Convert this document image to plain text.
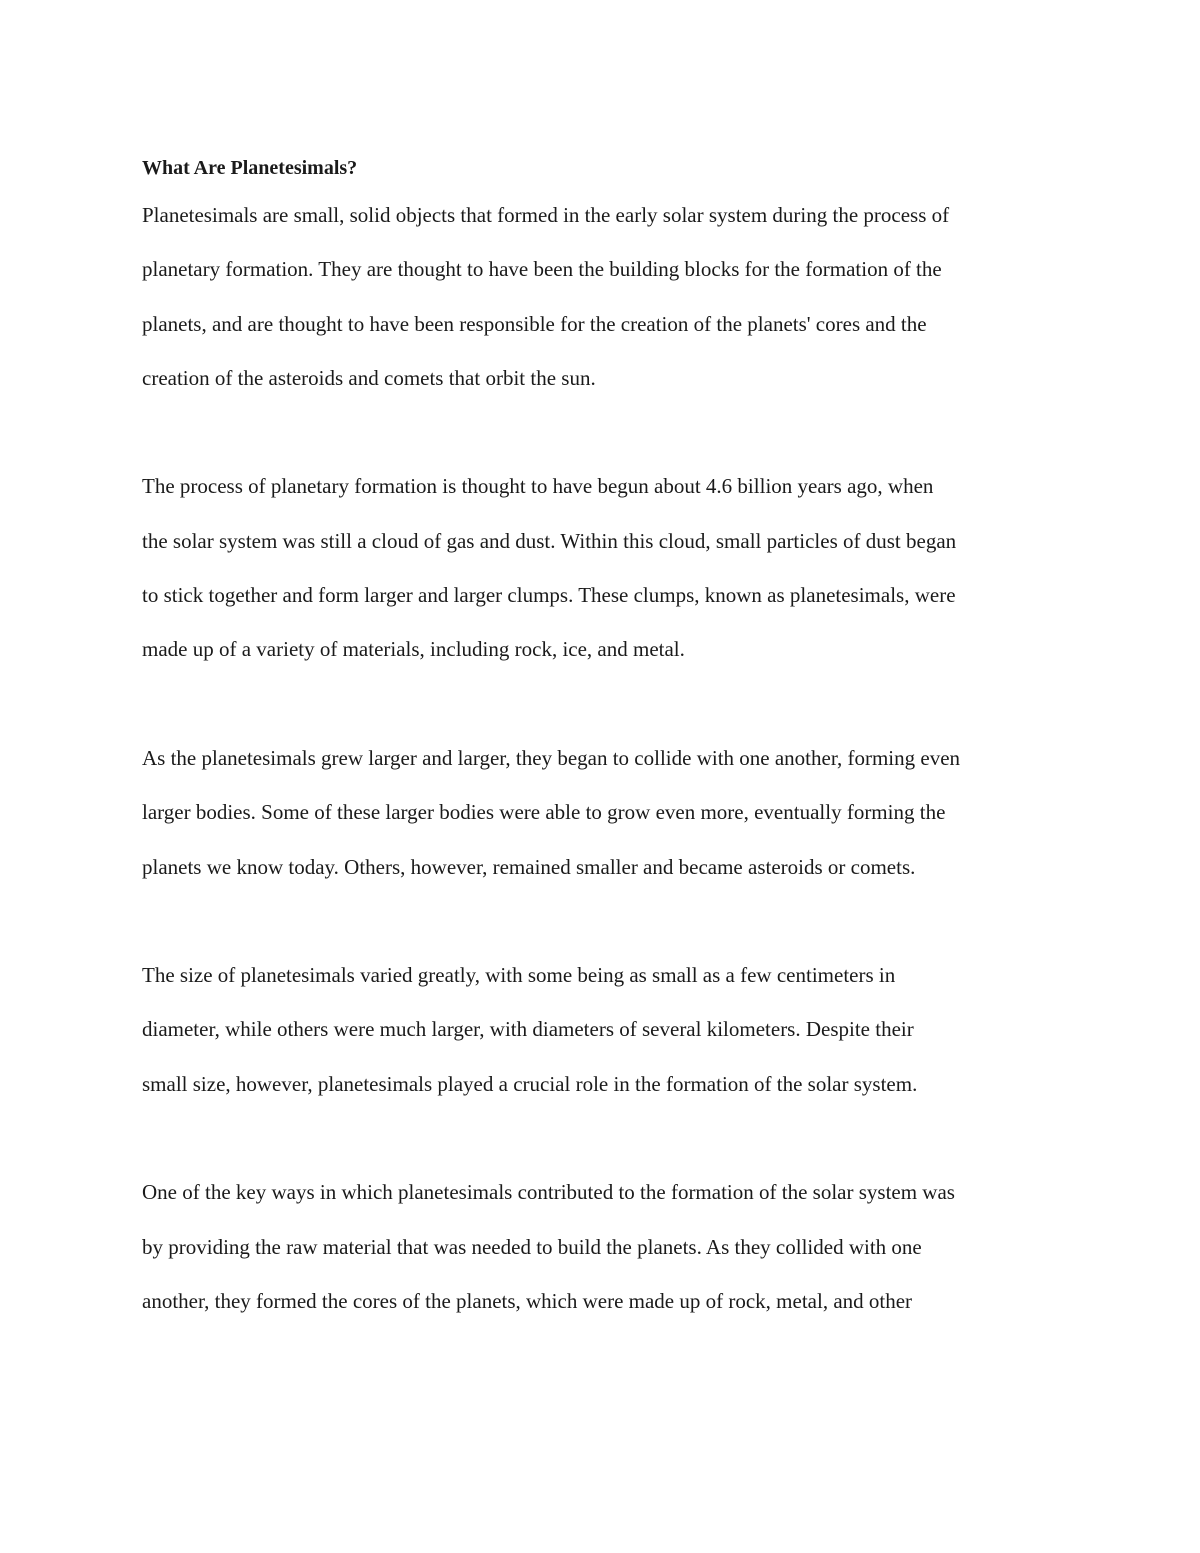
What Are Planetesimals?
Planetesimals are small, solid objects that formed in the early solar system during the process of
planetary formation. They are thought to have been the building blocks for the formation of the
planets, and are thought to have been responsible for the creation of the planets' cores and the
creation of the asteroids and comets that orbit the sun.
The process of planetary formation is thought to have begun about 4.6 billion years ago, when
the solar system was still a cloud of gas and dust. Within this cloud, small particles of dust began
to stick together and form larger and larger clumps. These clumps, known as planetesimals, were
made up of a variety of materials, including rock, ice, and metal.
As the planetesimals grew larger and larger, they began to collide with one another, forming even
larger bodies. Some of these larger bodies were able to grow even more, eventually forming the
planets we know today. Others, however, remained smaller and became asteroids or comets.
The size of planetesimals varied greatly, with some being as small as a few centimeters in
diameter, while others were much larger, with diameters of several kilometers. Despite their
small size, however, planetesimals played a crucial role in the formation of the solar system.
One of the key ways in which planetesimals contributed to the formation of the solar system was
by providing the raw material that was needed to build the planets. As they collided with one
another, they formed the cores of the planets, which were made up of rock, metal, and other
